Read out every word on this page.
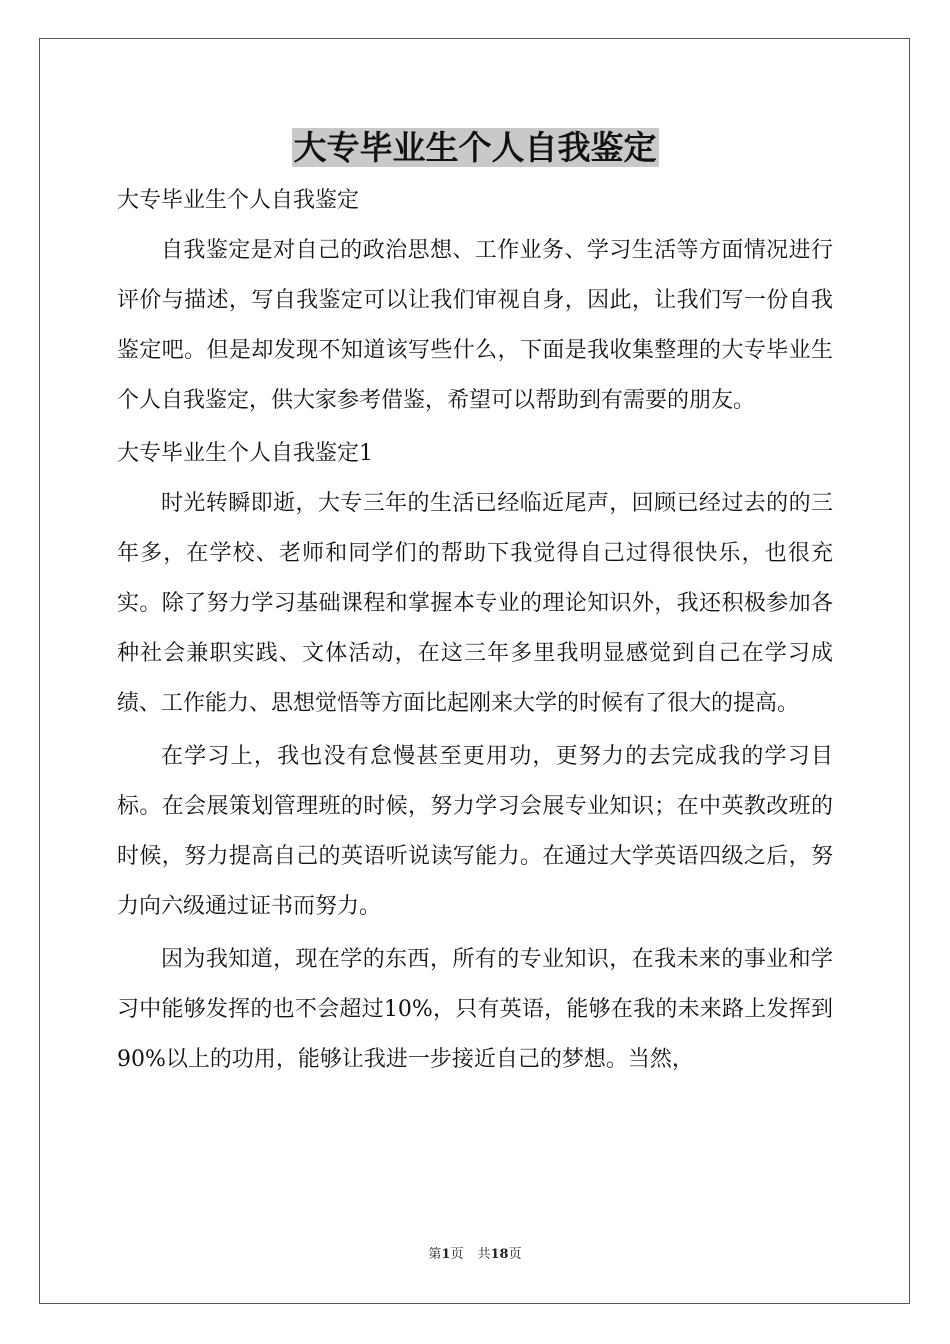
大专毕业生个人自我鉴定

大专毕业生个人自我鉴定

自我鉴定是对自己的政治思想、工作业务、学习生活等方面情况进行评价与描述，写自我鉴定可以让我们审视自身，因此，让我们写一份自我鉴定吧。但是却发现不知道该写些什么，下面是我收集整理的大专毕业生个人自我鉴定，供大家参考借鉴，希望可以帮助到有需要的朋友。

大专毕业生个人自我鉴定1

时光转瞬即逝，大专三年的生活已经临近尾声，回顾已经过去的的三年多，在学校、老师和同学们的帮助下我觉得自己过得很快乐，也很充实。除了努力学习基础课程和掌握本专业的理论知识外，我还积极参加各种社会兼职实践、文体活动，在这三年多里我明显感觉到自己在学习成绩、工作能力、思想觉悟等方面比起刚来大学的时候有了很大的提高。

在学习上，我也没有怠慢甚至更用功，更努力的去完成我的学习目标。在会展策划管理班的时候，努力学习会展专业知识；在中英教改班的时候，努力提高自己的英语听说读写能力。在通过大学英语四级之后，努力向六级通过证书而努力。

因为我知道，现在学的东西，所有的专业知识，在我未来的事业和学习中能够发挥的也不会超过10%，只有英语，能够在我的未来路上发挥到90%以上的功用，能够让我进一步接近自己的梦想。当然，

第1页 共18页
